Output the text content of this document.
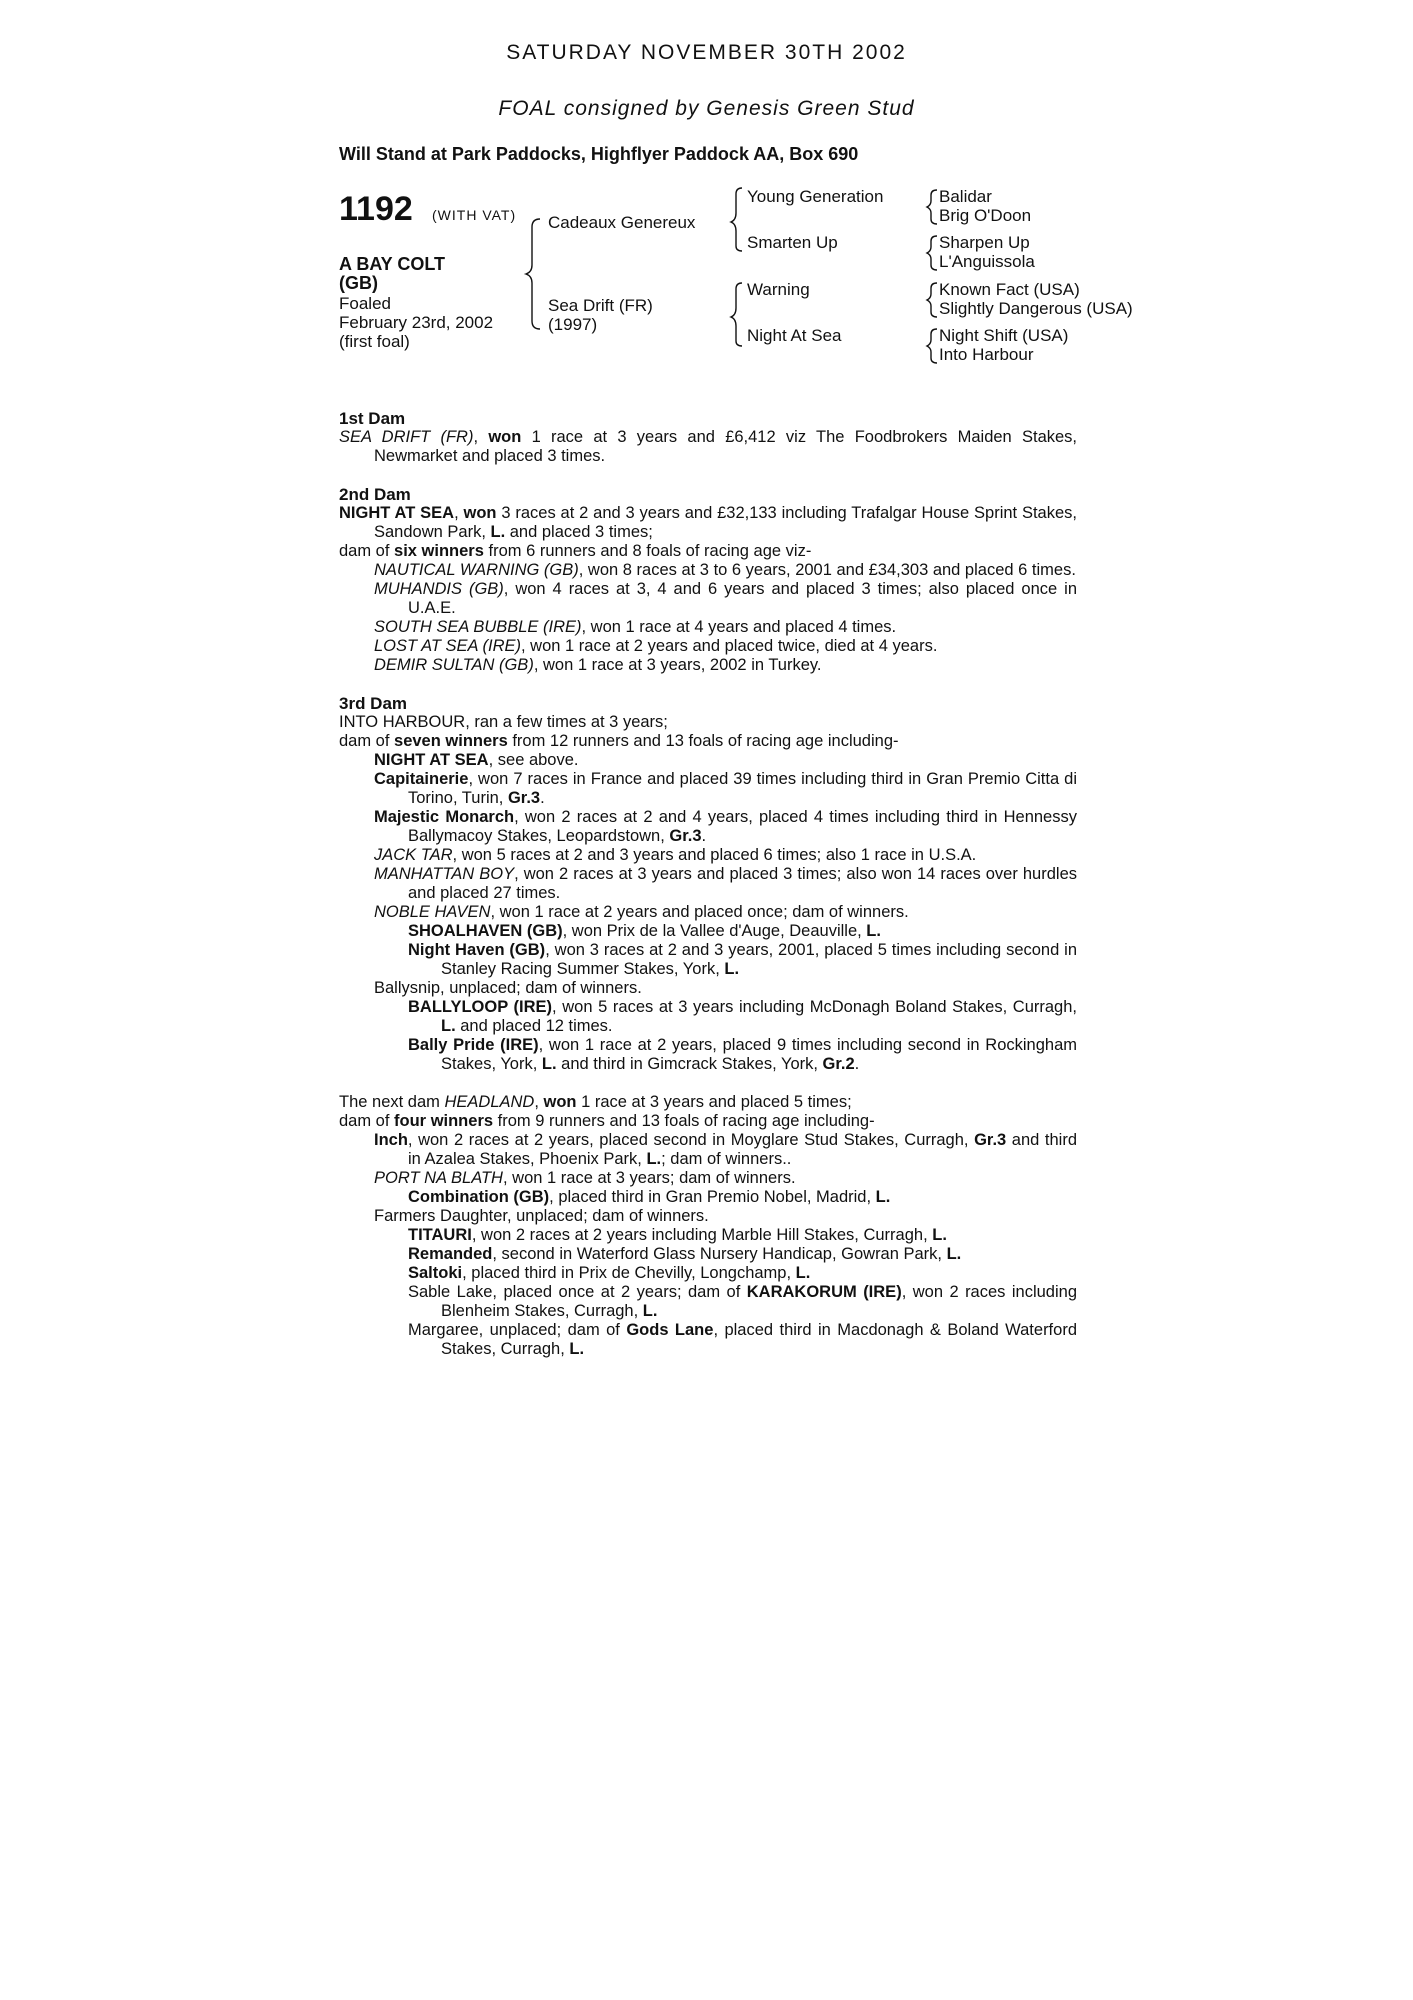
SATURDAY NOVEMBER 30TH 2002
FOAL consigned by Genesis Green Stud
Will Stand at Park Paddocks, Highflyer Paddock AA, Box 690
1192 (WITH VAT)
A BAY COLT
(GB)
Foaled
February 23rd, 2002
(first foal)
Cadeaux Genereux
Sea Drift (FR)
(1997)
Young Generation
Smarten Up
Warning
Night At Sea
Balidar
Brig O'Doon
Sharpen Up
L'Anguissola
Known Fact (USA)
Slightly Dangerous (USA)
Night Shift (USA)
Into Harbour
1st Dam
SEA DRIFT (FR), won 1 race at 3 years and £6,412 viz The Foodbrokers Maiden Stakes, Newmarket and placed 3 times.
2nd Dam
NIGHT AT SEA, won 3 races at 2 and 3 years and £32,133 including Trafalgar House Sprint Stakes, Sandown Park, L. and placed 3 times;
dam of six winners from 6 runners and 8 foals of racing age viz-
NAUTICAL WARNING (GB), won 8 races at 3 to 6 years, 2001 and £34,303 and placed 6 times.
MUHANDIS (GB), won 4 races at 3, 4 and 6 years and placed 3 times; also placed once in U.A.E.
SOUTH SEA BUBBLE (IRE), won 1 race at 4 years and placed 4 times.
LOST AT SEA (IRE), won 1 race at 2 years and placed twice, died at 4 years.
DEMIR SULTAN (GB), won 1 race at 3 years, 2002 in Turkey.
3rd Dam
INTO HARBOUR, ran a few times at 3 years;
dam of seven winners from 12 runners and 13 foals of racing age including-
NIGHT AT SEA, see above.
Capitainerie, won 7 races in France and placed 39 times including third in Gran Premio Citta di Torino, Turin, Gr.3.
Majestic Monarch, won 2 races at 2 and 4 years, placed 4 times including third in Hennessy Ballymacoy Stakes, Leopardstown, Gr.3.
JACK TAR, won 5 races at 2 and 3 years and placed 6 times; also 1 race in U.S.A.
MANHATTAN BOY, won 2 races at 3 years and placed 3 times; also won 14 races over hurdles and placed 27 times.
NOBLE HAVEN, won 1 race at 2 years and placed once; dam of winners.
SHOALHAVEN (GB), won Prix de la Vallee d'Auge, Deauville, L.
Night Haven (GB), won 3 races at 2 and 3 years, 2001, placed 5 times including second in Stanley Racing Summer Stakes, York, L.
Ballysnip, unplaced; dam of winners.
BALLYLOOP (IRE), won 5 races at 3 years including McDonagh Boland Stakes, Curragh, L. and placed 12 times.
Bally Pride (IRE), won 1 race at 2 years, placed 9 times including second in Rockingham Stakes, York, L. and third in Gimcrack Stakes, York, Gr.2.
The next dam HEADLAND, won 1 race at 3 years and placed 5 times;
dam of four winners from 9 runners and 13 foals of racing age including-
Inch, won 2 races at 2 years, placed second in Moyglare Stud Stakes, Curragh, Gr.3 and third in Azalea Stakes, Phoenix Park, L.; dam of winners..
PORT NA BLATH, won 1 race at 3 years; dam of winners.
Combination (GB), placed third in Gran Premio Nobel, Madrid, L.
Farmers Daughter, unplaced; dam of winners.
TITAURI, won 2 races at 2 years including Marble Hill Stakes, Curragh, L.
Remanded, second in Waterford Glass Nursery Handicap, Gowran Park, L.
Saltoki, placed third in Prix de Chevilly, Longchamp, L.
Sable Lake, placed once at 2 years; dam of KARAKORUM (IRE), won 2 races including Blenheim Stakes, Curragh, L.
Margaree, unplaced; dam of Gods Lane, placed third in Macdonagh & Boland Waterford Stakes, Curragh, L.
